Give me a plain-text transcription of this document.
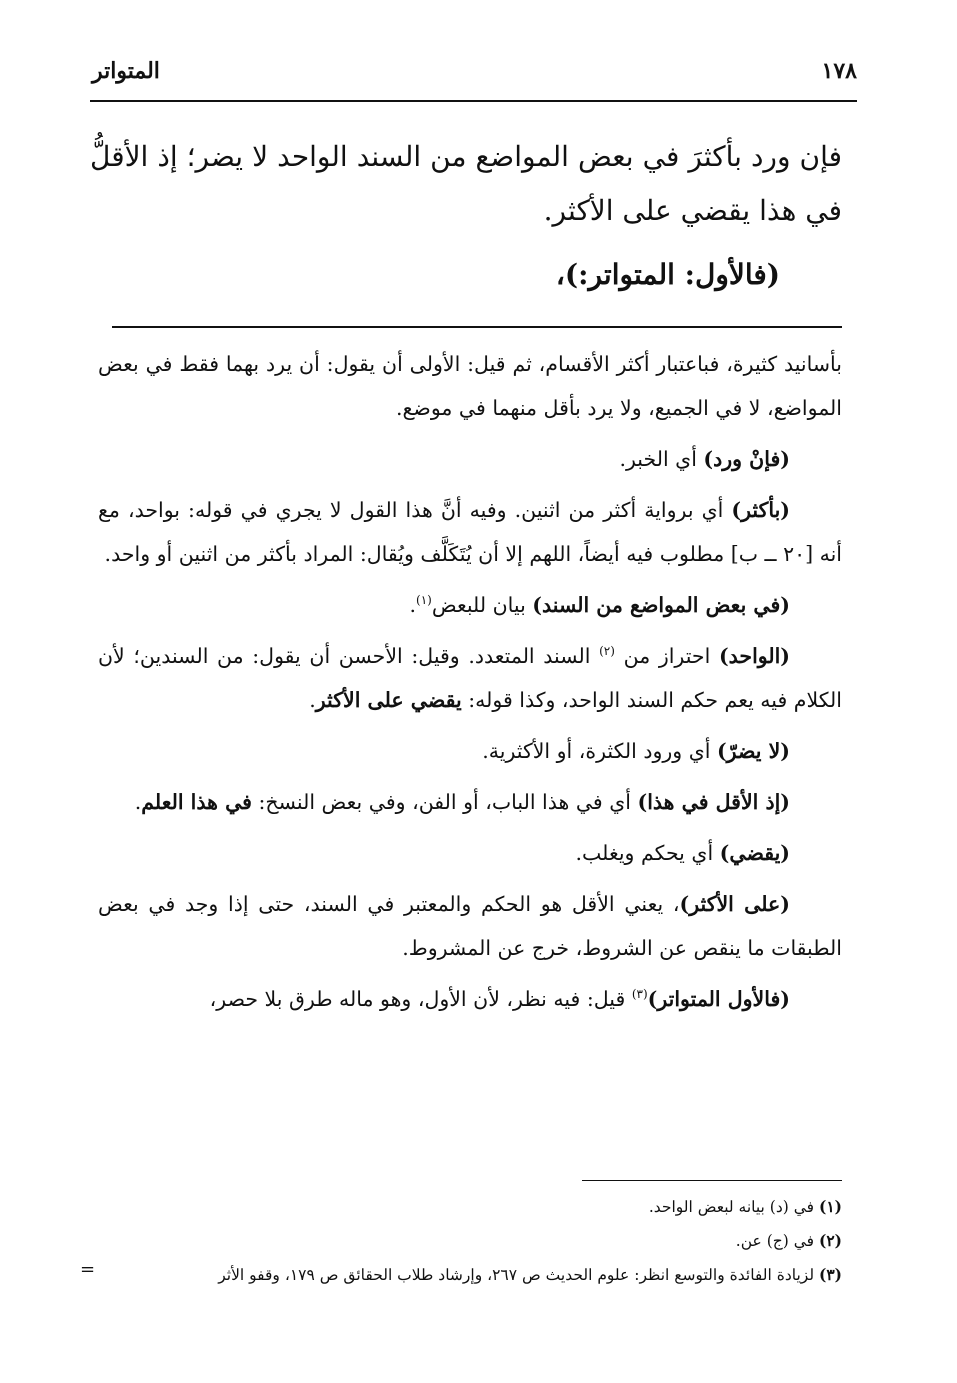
١٧٨
المتواتر

فإن ورد بأكثرَ في بعض المواضع من السند الواحد لا يضر؛ إذ الأقلُّ في هذا يقضي على الأكثر.

(فالأول: المتواتر:)،

بأسانيد كثيرة، فباعتبار أكثر الأقسام، ثم قيل: الأولى أن يقول: أن يرد بهما فقط في بعض المواضع، لا في الجميع، ولا يرد بأقل منهما في موضع.

(فإنْ ورد) أي الخبر.

(بأكثر) أي برواية أكثر من اثنين. وفيه أنَّ هذا القول لا يجري في قوله: بواحد، مع أنه [٢٠ ــ ب] مطلوب فيه أيضاً، اللهم إلا أن يُتَكَلَّف ويُقال: المراد بأكثر من اثنين أو واحد.

(في بعض المواضع من السند) بيان للبعض$^{(١)}$.

(الواحد) احتراز من $^{(٢)}$ السند المتعدد. وقيل: الأحسن أن يقول: من السندين؛ لأن الكلام فيه يعم حكم السند الواحد، وكذا قوله: يقضي على الأكثر.

(لا يضرّ) أي ورود الكثرة، أو الأكثرية.

(إذ الأقل في هذا) أي في هذا الباب، أو الفن، وفي بعض النسخ: في هذا العلم.

(يقضي) أي يحكم ويغلب.

(على الأكثر)، يعني الأقل هو الحكم والمعتبر في السند، حتى إذا وجد في بعض الطبقات ما ينقص عن الشروط، خرج عن المشروط.

(فالأول المتواتر)$^{(٣)}$ قيل: فيه نظر، لأن الأول، وهو ماله طرق بلا حصر،

(١) في (د) بيانه لبعض الواحد.

(٢) في (ج) عن.

(٣) لزيادة الفائدة والتوسع انظر: علوم الحديث ص ٢٦٧، وإرشاد طلاب الحقائق ص ١٧٩، وقفو الأثر

=
